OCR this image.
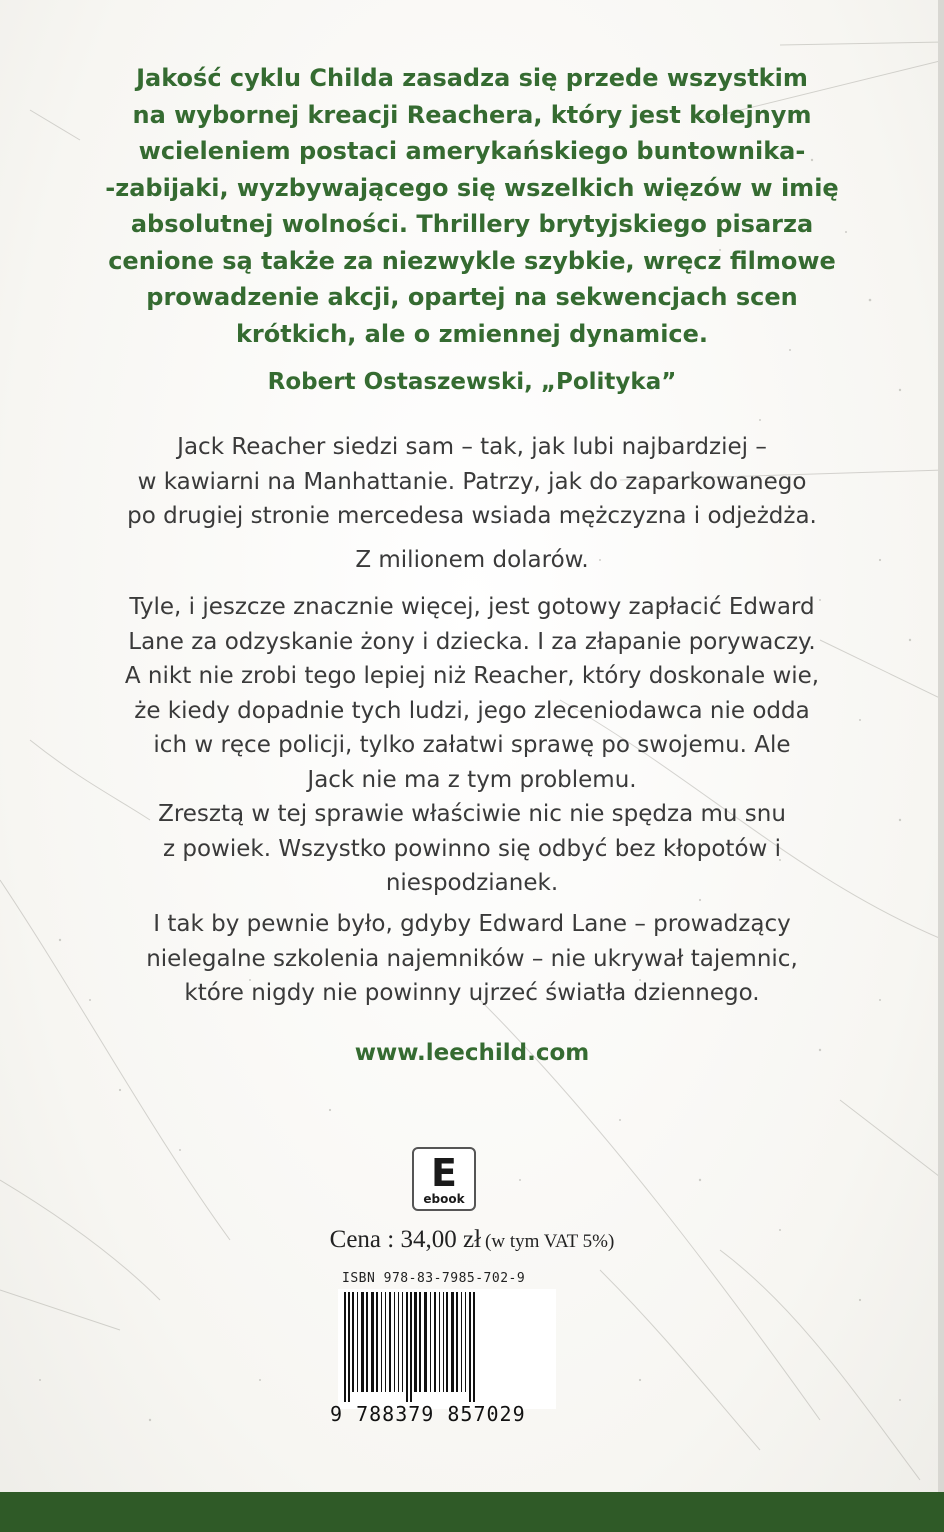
Jakość cyklu Childa zasadza się przede wszystkim

na wybornej kreacji Reachera, który jest kolejnym

wcieleniem postaci amerykańskiego buntownika-

-zabijaki, wyzbywającego się wszelkich więzów w imię

absolutnej wolności. Thrillery brytyjskiego pisarza

cenione są także za niezwykle szybkie, wręcz filmowe

prowadzenie akcji, opartej na sekwencjach scen

krótkich, ale o zmiennej dynamice.

Robert Ostaszewski, „Polityka”

Jack Reacher siedzi sam – tak, jak lubi najbardziej –

w kawiarni na Manhattanie. Patrzy, jak do zaparkowanego

po drugiej stronie mercedesa wsiada mężczyzna i odjeżdża.

Z milionem dolarów.

Tyle, i jeszcze znacznie więcej, jest gotowy zapłacić Edward

Lane za odzyskanie żony i dziecka. I za złapanie porywaczy.

A nikt nie zrobi tego lepiej niż Reacher, który doskonale wie,

że kiedy dopadnie tych ludzi, jego zleceniodawca nie odda

ich w ręce policji, tylko załatwi sprawę po swojemu. Ale

Jack nie ma z tym problemu.

Zresztą w tej sprawie właściwie nic nie spędza mu snu

z powiek. Wszystko powinno się odbyć bez kłopotów i

niespodzianek.

I tak by pewnie było, gdyby Edward Lane – prowadzący

nielegalne szkolenia najemników – nie ukrywał tajemnic,

które nigdy nie powinny ujrzeć światła dziennego.

www.leechild.com
E
ebook
Cena : 34,00 zł (w tym VAT 5%)
ISBN 978-83-7985-702-9
9 788379 857029
